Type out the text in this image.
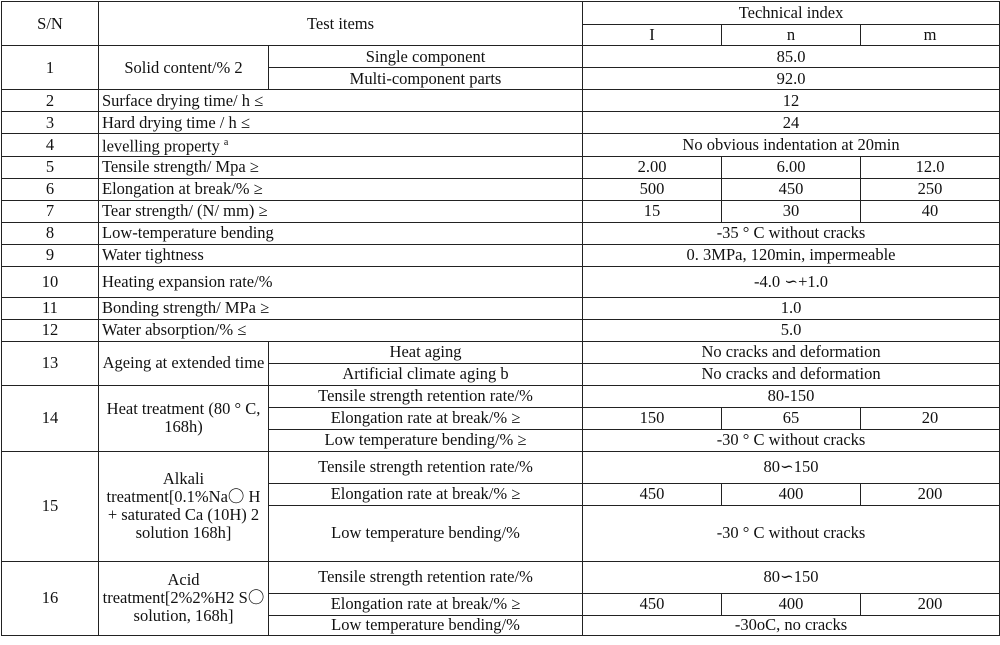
S/N	Test items		Technical index		
			I	n	m
1	Solid content/% 2	Single component	85.0		
		Multi-component parts	92.0		
2	Surface drying time/ h ≤		12		
3	Hard drying time / h ≤		24		
4	levelling property $^a$		No obvious indentation at 20min		
5	Tensile strength/ Mpa ≥		2.00	6.00	12.0
6	Elongation at break/% ≥		500	450	250
7	Tear strength/ (N/ mm) ≥		15	30	40
8	Low-temperature bending		-35 ° C without cracks		
9	Water tightness		0. 3MPa, 120min, impermeable		
10	Heating expansion rate/%		-4.0 ∽+1.0		
11	Bonding strength/ MPa ≥		1.0		
12	Water absorption/% ≤		5.0		
13	Ageing at extended time	Heat aging	No cracks and deformation		
		Artificial climate aging b	No cracks and deformation		
14	Heat treatment (80 ° C, 168h)	Tensile strength retention rate/%	80-150		
		Elongation rate at break/% ≥	150	65	20
		Low temperature bending/% ≥	-30 ° C without cracks		
15	Alkali treatment[0.1%Na〇 H + saturated Ca (10H) 2 solution 168h]	Tensile strength retention rate/%	80∽150		
		Elongation rate at break/% ≥	450	400	200
		Low temperature bending/%	-30 ° C without cracks		
16	Acid treatment[2%2%H2 S〇 solution, 168h]	Tensile strength retention rate/%	80∽150		
		Elongation rate at break/% ≥	450	400	200
		Low temperature bending/%	-30oC, no cracks		
